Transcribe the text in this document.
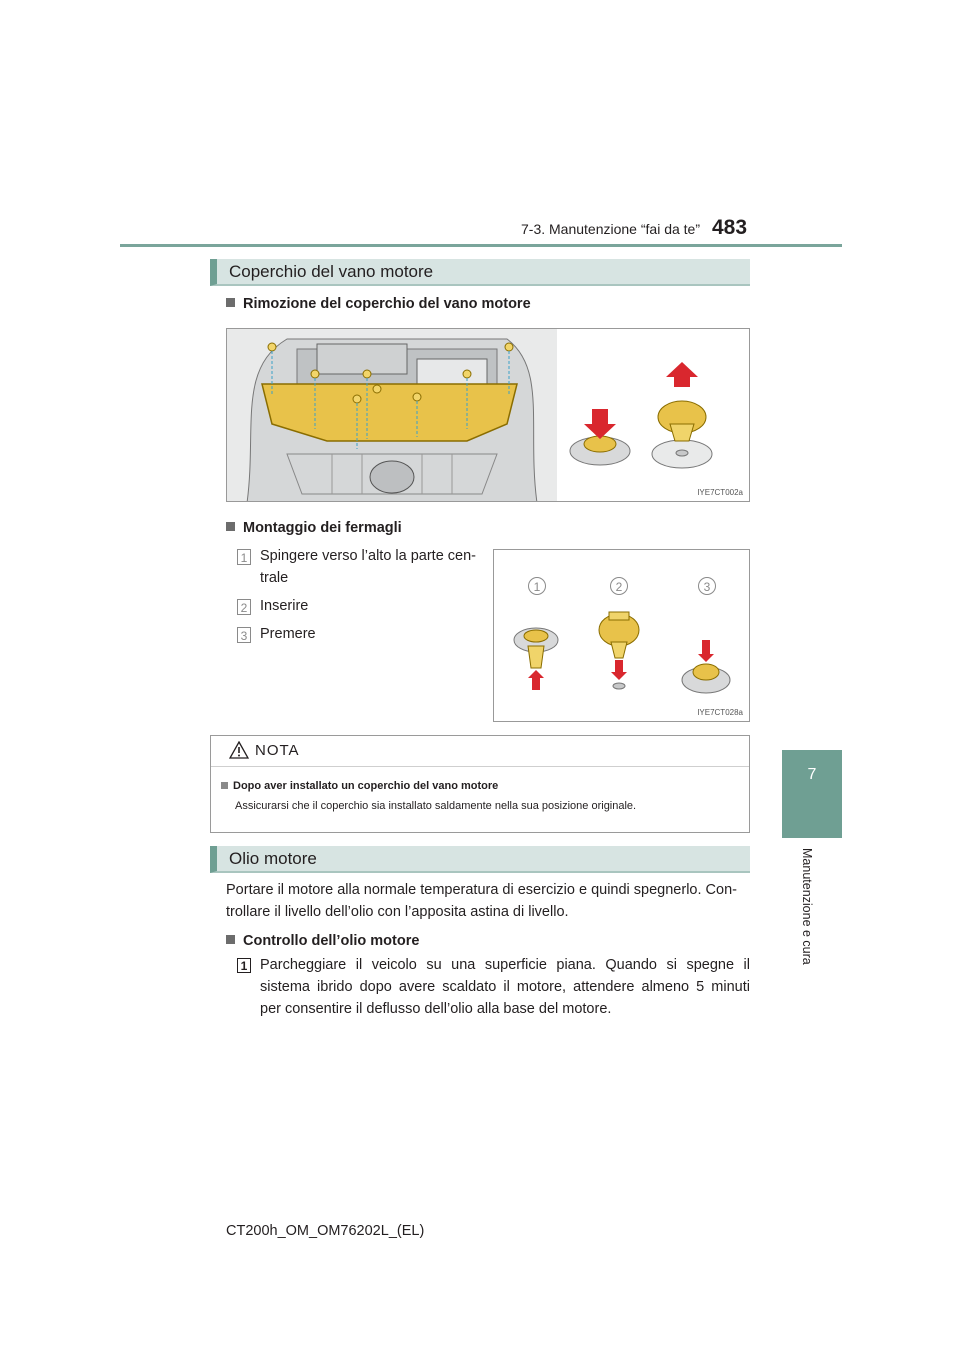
7-3. Manutenzione “fai da te” 483
7
Manutenzione e cura
Coperchio del vano motore
Rimozione del coperchio del vano motore
IYE7CT002a
Montaggio dei fermagli
1 Spingere verso l’alto la parte cen-
trale
2 Inserire
3 Premere
1	2	3
IYE7CT028a
NOTA
Dopo aver installato un coperchio del vano motore
Assicurarsi che il coperchio sia installato saldamente nella sua posizione originale.
Olio motore
Portare il motore alla normale temperatura di esercizio e quindi spegnerlo. Con-
trollare il livello dell’olio con l’apposita astina di livello.
Controllo dell’olio motore
1 Parcheggiare il veicolo su una superficie piana. Quando si spegne il
sistema ibrido dopo avere scaldato il motore, attendere almeno 5 minuti
per consentire il deflusso dell’olio alla base del motore.
CT200h_OM_OM76202L_(EL)
